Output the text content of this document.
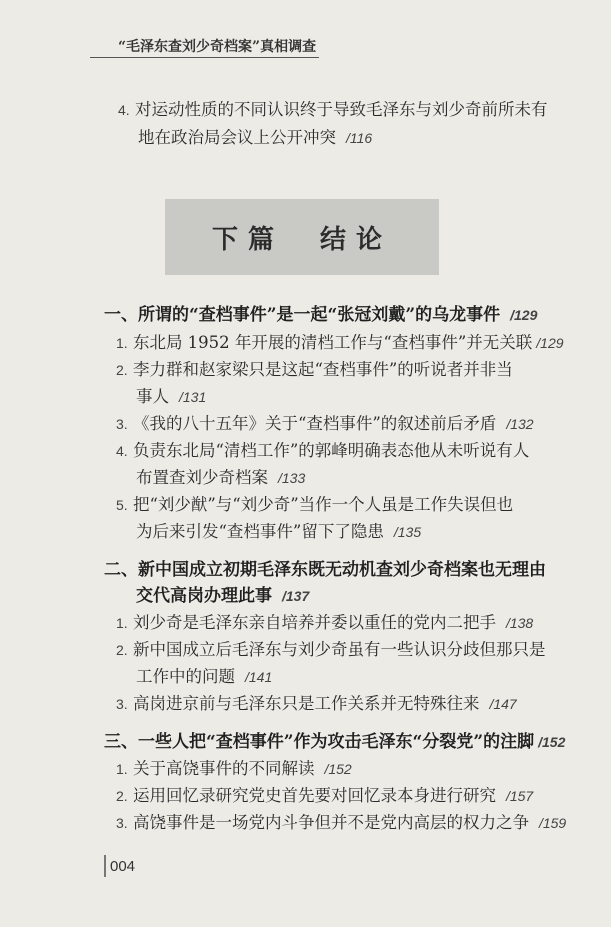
“毛泽东查刘少奇档案”真相调查
4. 对运动性质的不同认识终于导致毛泽东与刘少奇前所未有
地在政治局会议上公开冲突 /116
下篇　结论
一、所谓的“查档事件”是一起“张冠刘戴”的乌龙事件 /129
1. 东北局 1952 年开展的清档工作与“查档事件”并无关联 /129
2. 李力群和赵家梁只是这起“查档事件”的听说者并非当
事人 /131
3. 《我的八十五年》关于“查档事件”的叙述前后矛盾 /132
4. 负责东北局“清档工作”的郭峰明确表态他从未听说有人
布置查刘少奇档案 /133
5. 把“刘少猷”与“刘少奇”当作一个人虽是工作失误但也
为后来引发“查档事件”留下了隐患 /135
二、新中国成立初期毛泽东既无动机查刘少奇档案也无理由
交代高岗办理此事 /137
1. 刘少奇是毛泽东亲自培养并委以重任的党内二把手 /138
2. 新中国成立后毛泽东与刘少奇虽有一些认识分歧但那只是
工作中的问题 /141
3. 高岗进京前与毛泽东只是工作关系并无特殊往来 /147
三、一些人把“查档事件”作为攻击毛泽东“分裂党”的注脚 /152
1. 关于高饶事件的不同解读 /152
2. 运用回忆录研究党史首先要对回忆录本身进行研究 /157
3. 高饶事件是一场党内斗争但并不是党内高层的权力之争 /159
004
